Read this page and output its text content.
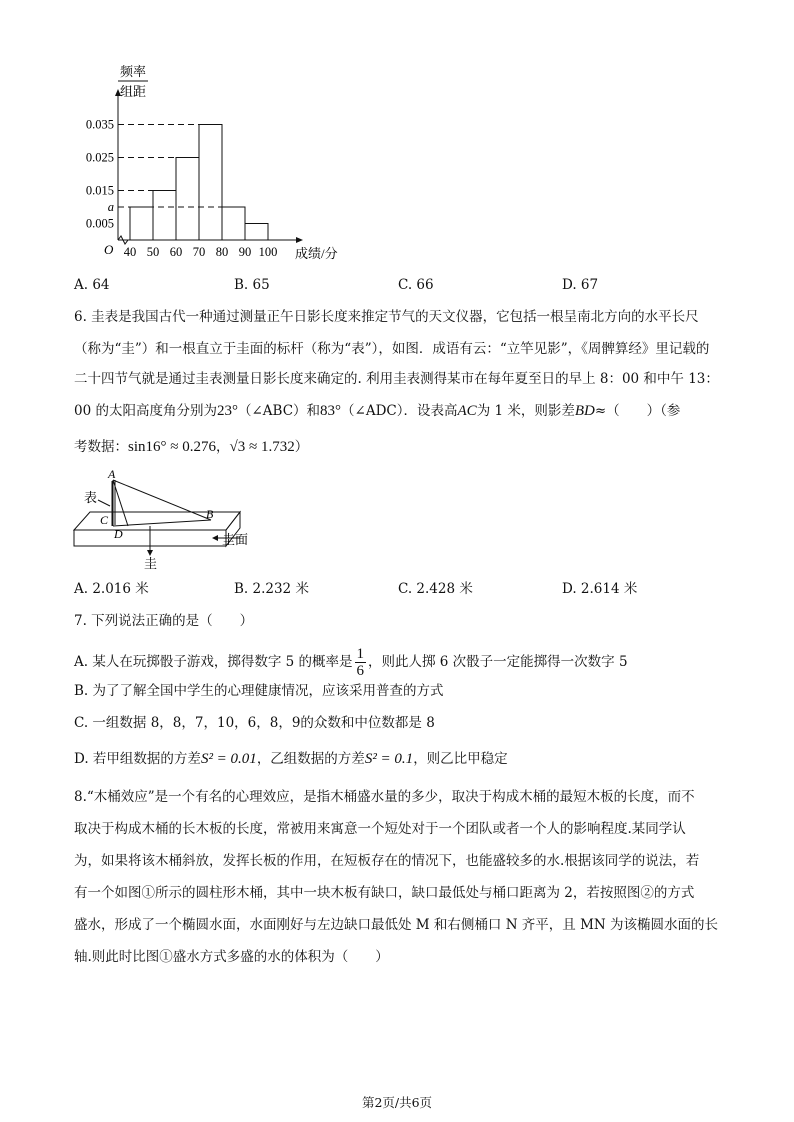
频率
组距
0.035
0.025
0.015
a
0.005
O 40 50 60 70 80 90 100 成绩/分
A. 64	B. 65	C. 66	D. 67
6. 圭表是我国古代一种通过测量正午日影长度来推定节气的天文仪器，它包括一根呈南北方向的水平长尺
（称为“圭”）和一根直立于圭面的标杆（称为“表”），如图．成语有云：“立竿见影”，《周髀算经》里记载的
二十四节气就是通过圭表测量日影长度来确定的. 利用圭表测得某市在每年夏至日的早上 8：00 和中午 13：
00 的太阳高度角分别为23°（∠ABC）和83°（∠ADC）．设表高AC为 1 米，则影差BD≈（　　）（参
考数据：sin16° ≈ 0.276，√3 ≈ 1.732）
A
B
C
D
表
圭
圭面
A. 2.016 米	B. 2.232 米	C. 2.428 米	D. 2.614 米
7. 下列说法正确的是（　　）
A. 某人在玩掷骰子游戏，掷得数字 5 的概率是 $\frac{1}{6}$ ，则此人掷 6 次骰子一定能掷得一次数字 5
B. 为了了解全国中学生的心理健康情况，应该采用普查的方式
C. 一组数据 8，8，7，10，6，8，9的众数和中位数都是 8
D. 若甲组数据的方差S² = 0.01，乙组数据的方差S² = 0.1，则乙比甲稳定
8.“木桶效应”是一个有名的心理效应，是指木桶盛水量的多少，取决于构成木桶的最短木板的长度，而不
取决于构成木桶的长木板的长度，常被用来寓意一个短处对于一个团队或者一个人的影响程度.某同学认
为，如果将该木桶斜放，发挥长板的作用，在短板存在的情况下，也能盛较多的水.根据该同学的说法，若
有一个如图①所示的圆柱形木桶，其中一块木板有缺口，缺口最低处与桶口距离为 2，若按照图②的方式
盛水，形成了一个椭圆水面，水面刚好与左边缺口最低处 M 和右侧桶口 N 齐平，且 MN 为该椭圆水面的长
轴.则此时比图①盛水方式多盛的水的体积为（　　）
第2页/共6页
